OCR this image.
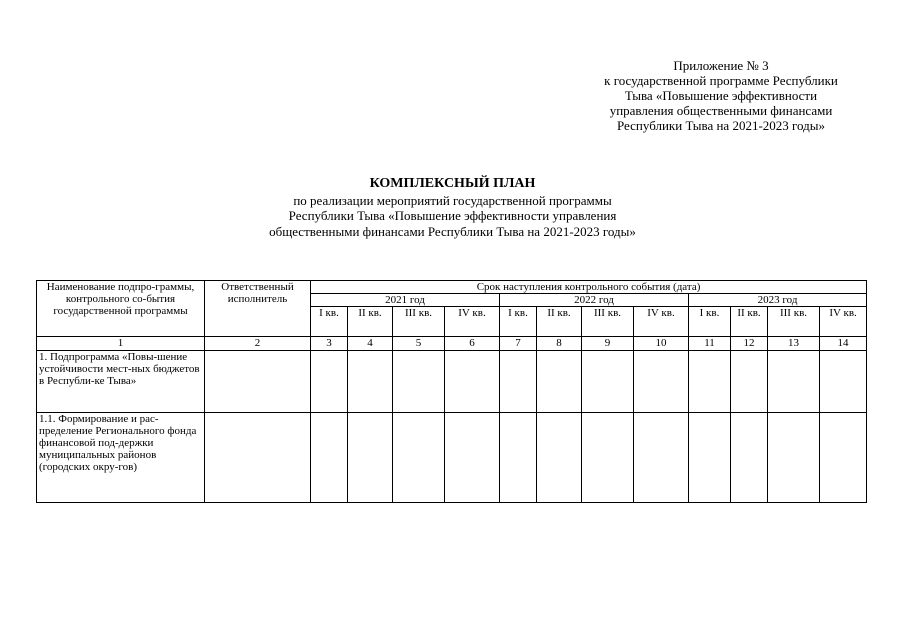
Приложение № 3
к государственной программе Республики
Тыва «Повышение эффективности
управления общественными финансами
Республики Тыва на 2021-2023 годы»
КОМПЛЕКСНЫЙ ПЛАН
по реализации мероприятий государственной программы
Республики Тыва «Повышение эффективности управления
общественными финансами Республики Тыва на 2021-2023 годы»
Наименование подпро-граммы, контрольного со-бытия государственной программы	Ответственный исполнитель	Срок наступления контрольного события (дата)											
		2021 год				2022 год				2023 год			
		I кв.	II кв.	III кв.	IV кв.	I кв.	II кв.	III кв.	IV кв.	I кв.	II кв.	III кв.	IV кв.
1	2	3	4	5	6	7	8	9	10	11	12	13	14
1. Подпрограмма «Повы-шение устойчивости мест-ных бюджетов в Республи-ке Тыва»													
1.1. Формирование и рас-пределение Регионального фонда финансовой под-держки муниципальных районов (городских окру-гов)													
